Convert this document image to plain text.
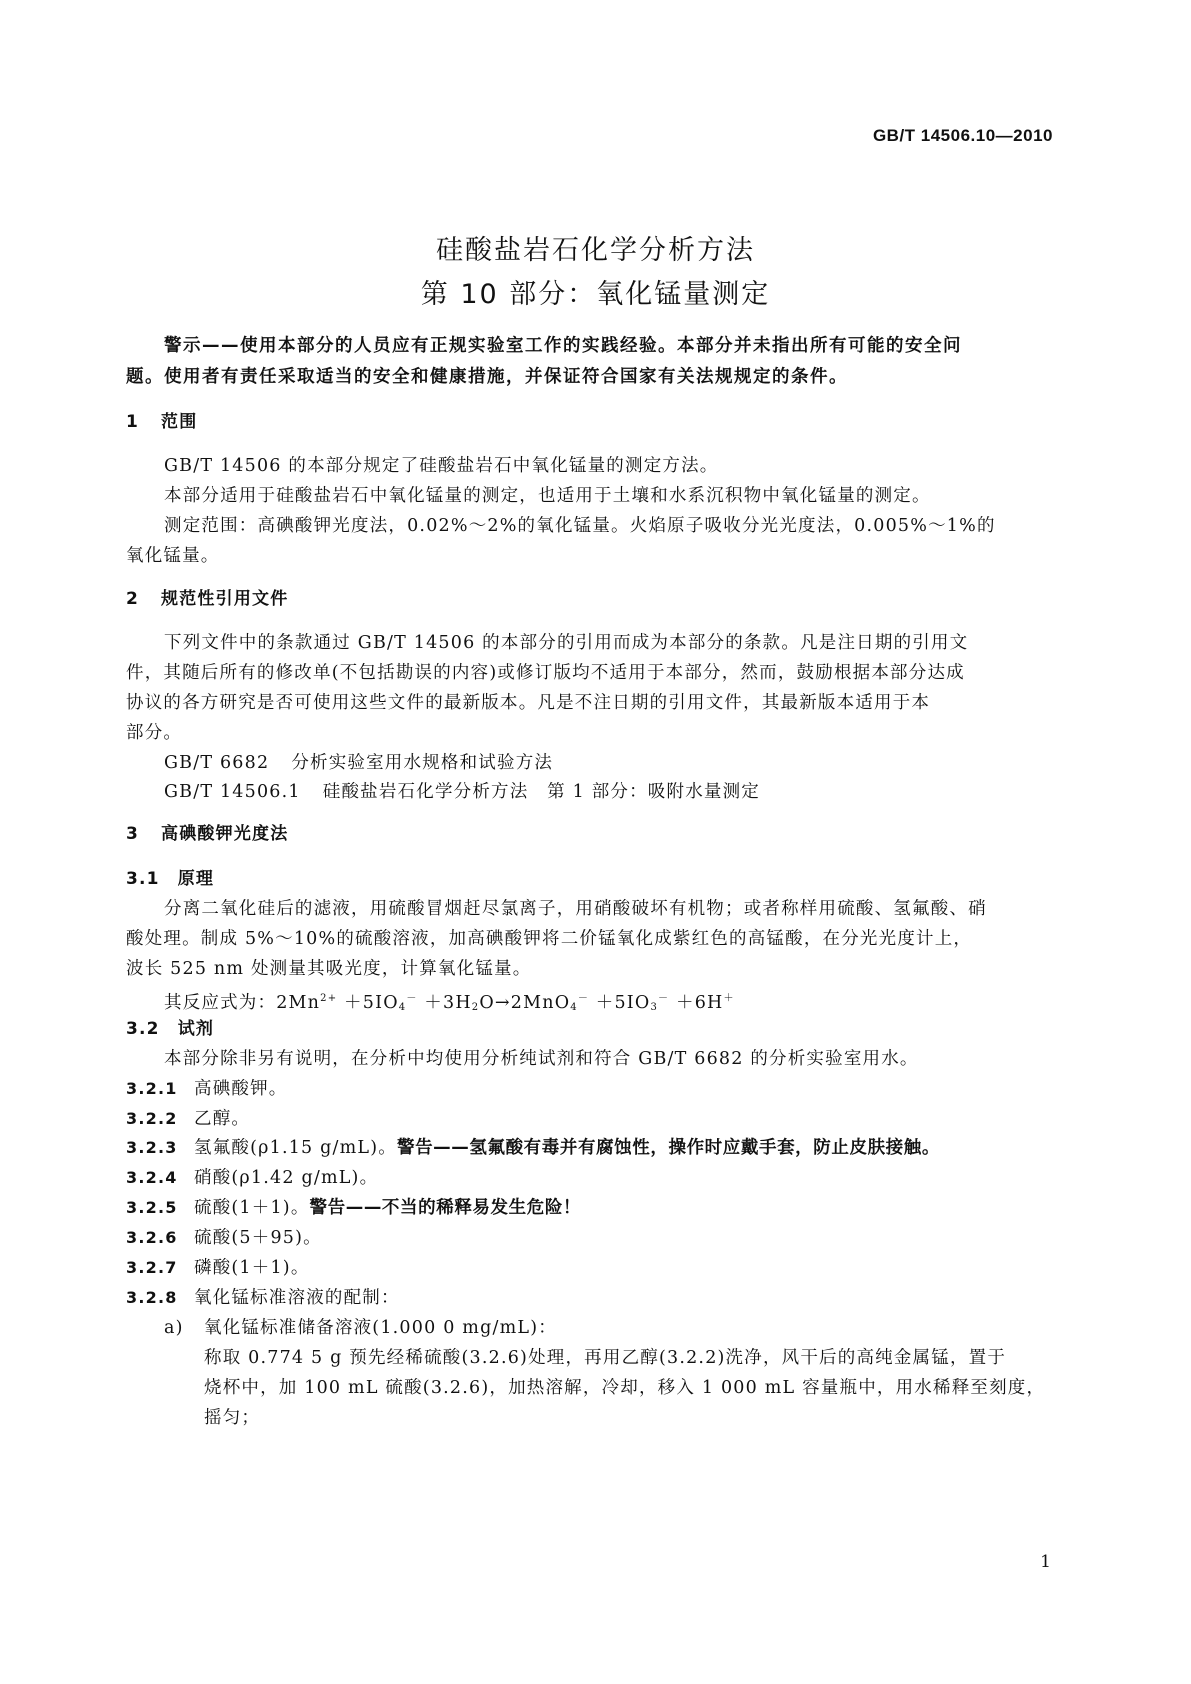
GB/T 14506.10—2010
硅酸盐岩石化学分析方法
第 10 部分：氧化锰量测定
警示——使用本部分的人员应有正规实验室工作的实践经验。本部分并未指出所有可能的安全问
题。使用者有责任采取适当的安全和健康措施，并保证符合国家有关法规规定的条件。
1 范围
GB/T 14506 的本部分规定了硅酸盐岩石中氧化锰量的测定方法。
本部分适用于硅酸盐岩石中氧化锰量的测定，也适用于土壤和水系沉积物中氧化锰量的测定。
测定范围：高碘酸钾光度法，0.02%～2%的氧化锰量。火焰原子吸收分光光度法，0.005%～1%的
氧化锰量。
2 规范性引用文件
下列文件中的条款通过 GB/T 14506 的本部分的引用而成为本部分的条款。凡是注日期的引用文
件，其随后所有的修改单(不包括勘误的内容)或修订版均不适用于本部分，然而，鼓励根据本部分达成
协议的各方研究是否可使用这些文件的最新版本。凡是不注日期的引用文件，其最新版本适用于本
部分。
GB/T 6682 分析实验室用水规格和试验方法
GB/T 14506.1 硅酸盐岩石化学分析方法　第 1 部分：吸附水量测定
3 高碘酸钾光度法
3.1 原理
分离二氧化硅后的滤液，用硫酸冒烟赶尽氯离子，用硝酸破坏有机物；或者称样用硫酸、氢氟酸、硝
酸处理。制成 5%～10%的硫酸溶液，加高碘酸钾将二价锰氧化成紫红色的高锰酸，在分光光度计上，
波长 525 nm 处测量其吸光度，计算氧化锰量。
其反应式为：$2Mn^{2+} +5IO_4^- +3H_2O\to 2MnO_4^- +5IO_3^- +6H^+$
3.2 试剂
本部分除非另有说明，在分析中均使用分析纯试剂和符合 GB/T 6682 的分析实验室用水。
3.2.1 高碘酸钾。
3.2.2 乙醇。
3.2.3 氢氟酸(ρ1.15 g/mL)。警告——氢氟酸有毒并有腐蚀性，操作时应戴手套，防止皮肤接触。
3.2.4 硝酸(ρ1.42 g/mL)。
3.2.5 硫酸(1＋1)。警告——不当的稀释易发生危险！
3.2.6 硫酸(5＋95)。
3.2.7 磷酸(1＋1)。
3.2.8 氧化锰标准溶液的配制：
a) 氧化锰标准储备溶液(1.000 0 mg/mL)：
称取 0.774 5 g 预先经稀硫酸(3.2.6)处理，再用乙醇(3.2.2)洗净，风干后的高纯金属锰，置于
烧杯中，加 100 mL 硫酸(3.2.6)，加热溶解，冷却，移入 1 000 mL 容量瓶中，用水稀释至刻度，
摇匀；
1
